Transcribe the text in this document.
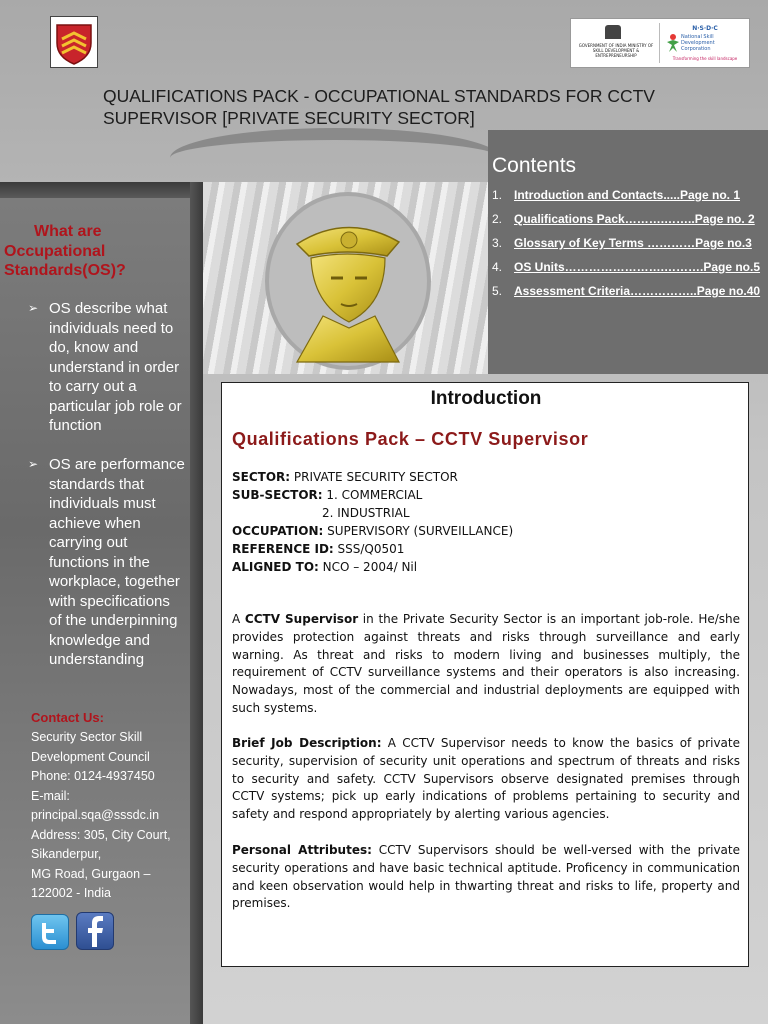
GOVERNMENT OF INDIA MINISTRY OF SKILL DEVELOPMENT & ENTREPRENEURSHIP
N·S·D·C
National Skill Development Corporation
Transforming the skill landscape
QUALIFICATIONS PACK - OCCUPATIONAL STANDARDS FOR CCTV SUPERVISOR [PRIVATE SECURITY SECTOR]
Contents
1. Introduction and Contacts.....Page no. 1
2. Qualifications Pack……….……..Page no. 2
3. Glossary of Key Terms …………Page no.3
4. OS Units…………………….……….Page no.5
5. Assessment Criteria……………..Page no.40
What are Occupational Standards(OS)?
➢ OS describe what individuals need to do, know and understand in order to carry out a particular job role or function
➢ OS are performance standards that individuals must achieve when carrying out functions in the workplace, together with specifications of the underpinning knowledge and understanding
Contact Us:
Security Sector Skill
Development Council
Phone: 0124-4937450
E-mail:
principal.sqa@sssdc.in
Address: 305, City Court,
Sikanderpur,
MG Road, Gurgaon –
122002 - India
Introduction
Qualifications Pack – CCTV Supervisor
SECTOR: PRIVATE SECURITY SECTOR
SUB-SECTOR: 1. COMMERCIAL
2. INDUSTRIAL
OCCUPATION: SUPERVISORY (SURVEILLANCE)
REFERENCE ID: SSS/Q0501
ALIGNED TO: NCO – 2004/ Nil
A CCTV Supervisor in the Private Security Sector is an important job-role. He/she provides protection against threats and risks through surveillance and early warning. As threat and risks to modern living and businesses multiply, the requirement of CCTV surveillance systems and their operators is also increasing. Nowadays, most of the commercial and industrial deployments are equipped with such systems.
Brief Job Description: A CCTV Supervisor needs to know the basics of private security, supervision of security unit operations and spectrum of threats and risks to security and safety. CCTV Supervisors observe designated premises through CCTV systems; pick up early indications of problems pertaining to security and safety and respond appropriately by alerting various agencies.
Personal Attributes: CCTV Supervisors should be well-versed with the private security operations and have basic technical aptitude. Proficency in communication and keen observation would help in thwarting threat and risks to life, property and premises.
